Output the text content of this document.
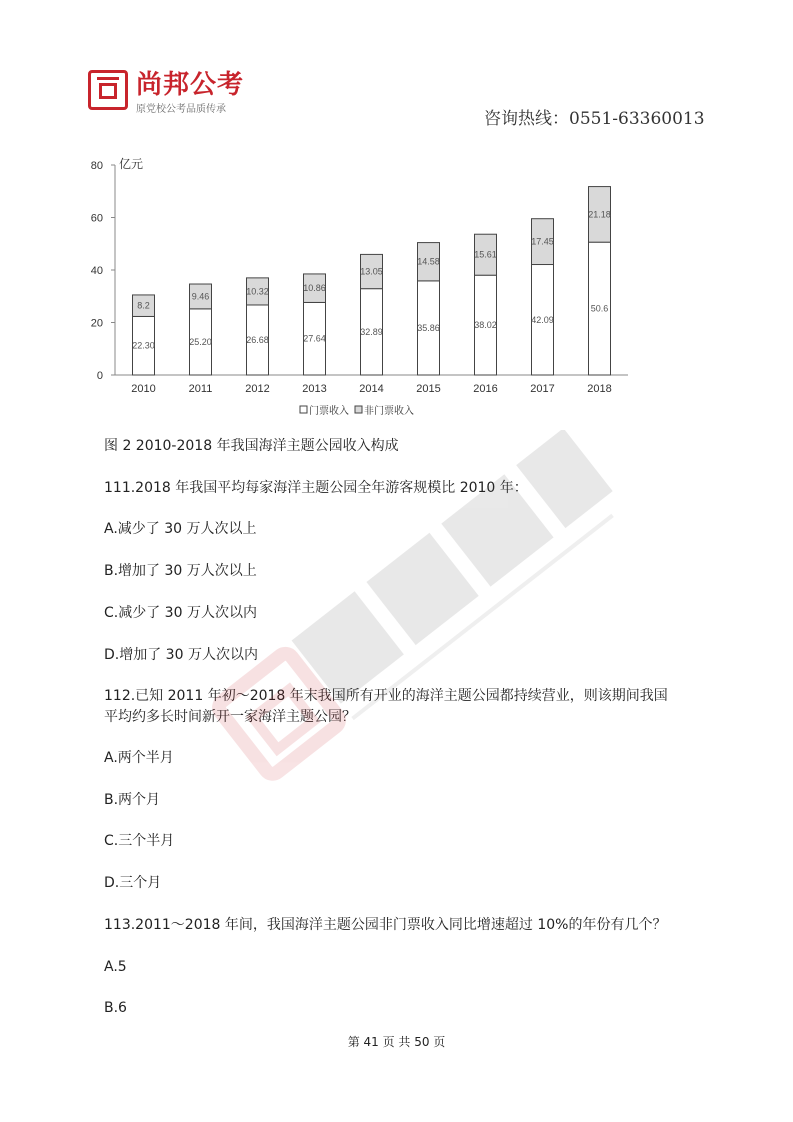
尚邦公考
原党校公考品质传承	咨询热线：0551-63360013
0
20
40
60
80 亿元
22.30
8.2
2010
25.20
9.46
2011
26.68
10.32
2012
27.64
10.86
2013
32.89
13.05
2014
35.86
14.58
2015
38.02
15.61
2016
42.09
17.45
2017
50.6
21.18
2018
门票收入 非门票收入
图 2 2010-2018 年我国海洋主题公园收入构成
111.2018 年我国平均每家海洋主题公园全年游客规模比 2010 年：
A.减少了 30 万人次以上
B.增加了 30 万人次以上
C.减少了 30 万人次以内
D.增加了 30 万人次以内
112.已知 2011 年初～2018 年末我国所有开业的海洋主题公园都持续营业，则该期间我国
平均约多长时间新开一家海洋主题公园？
A.两个半月
B.两个月
C.三个半月
D.三个月
113.2011～2018 年间，我国海洋主题公园非门票收入同比增速超过 10%的年份有几个？
A.5
B.6
第 41 页 共 50 页
